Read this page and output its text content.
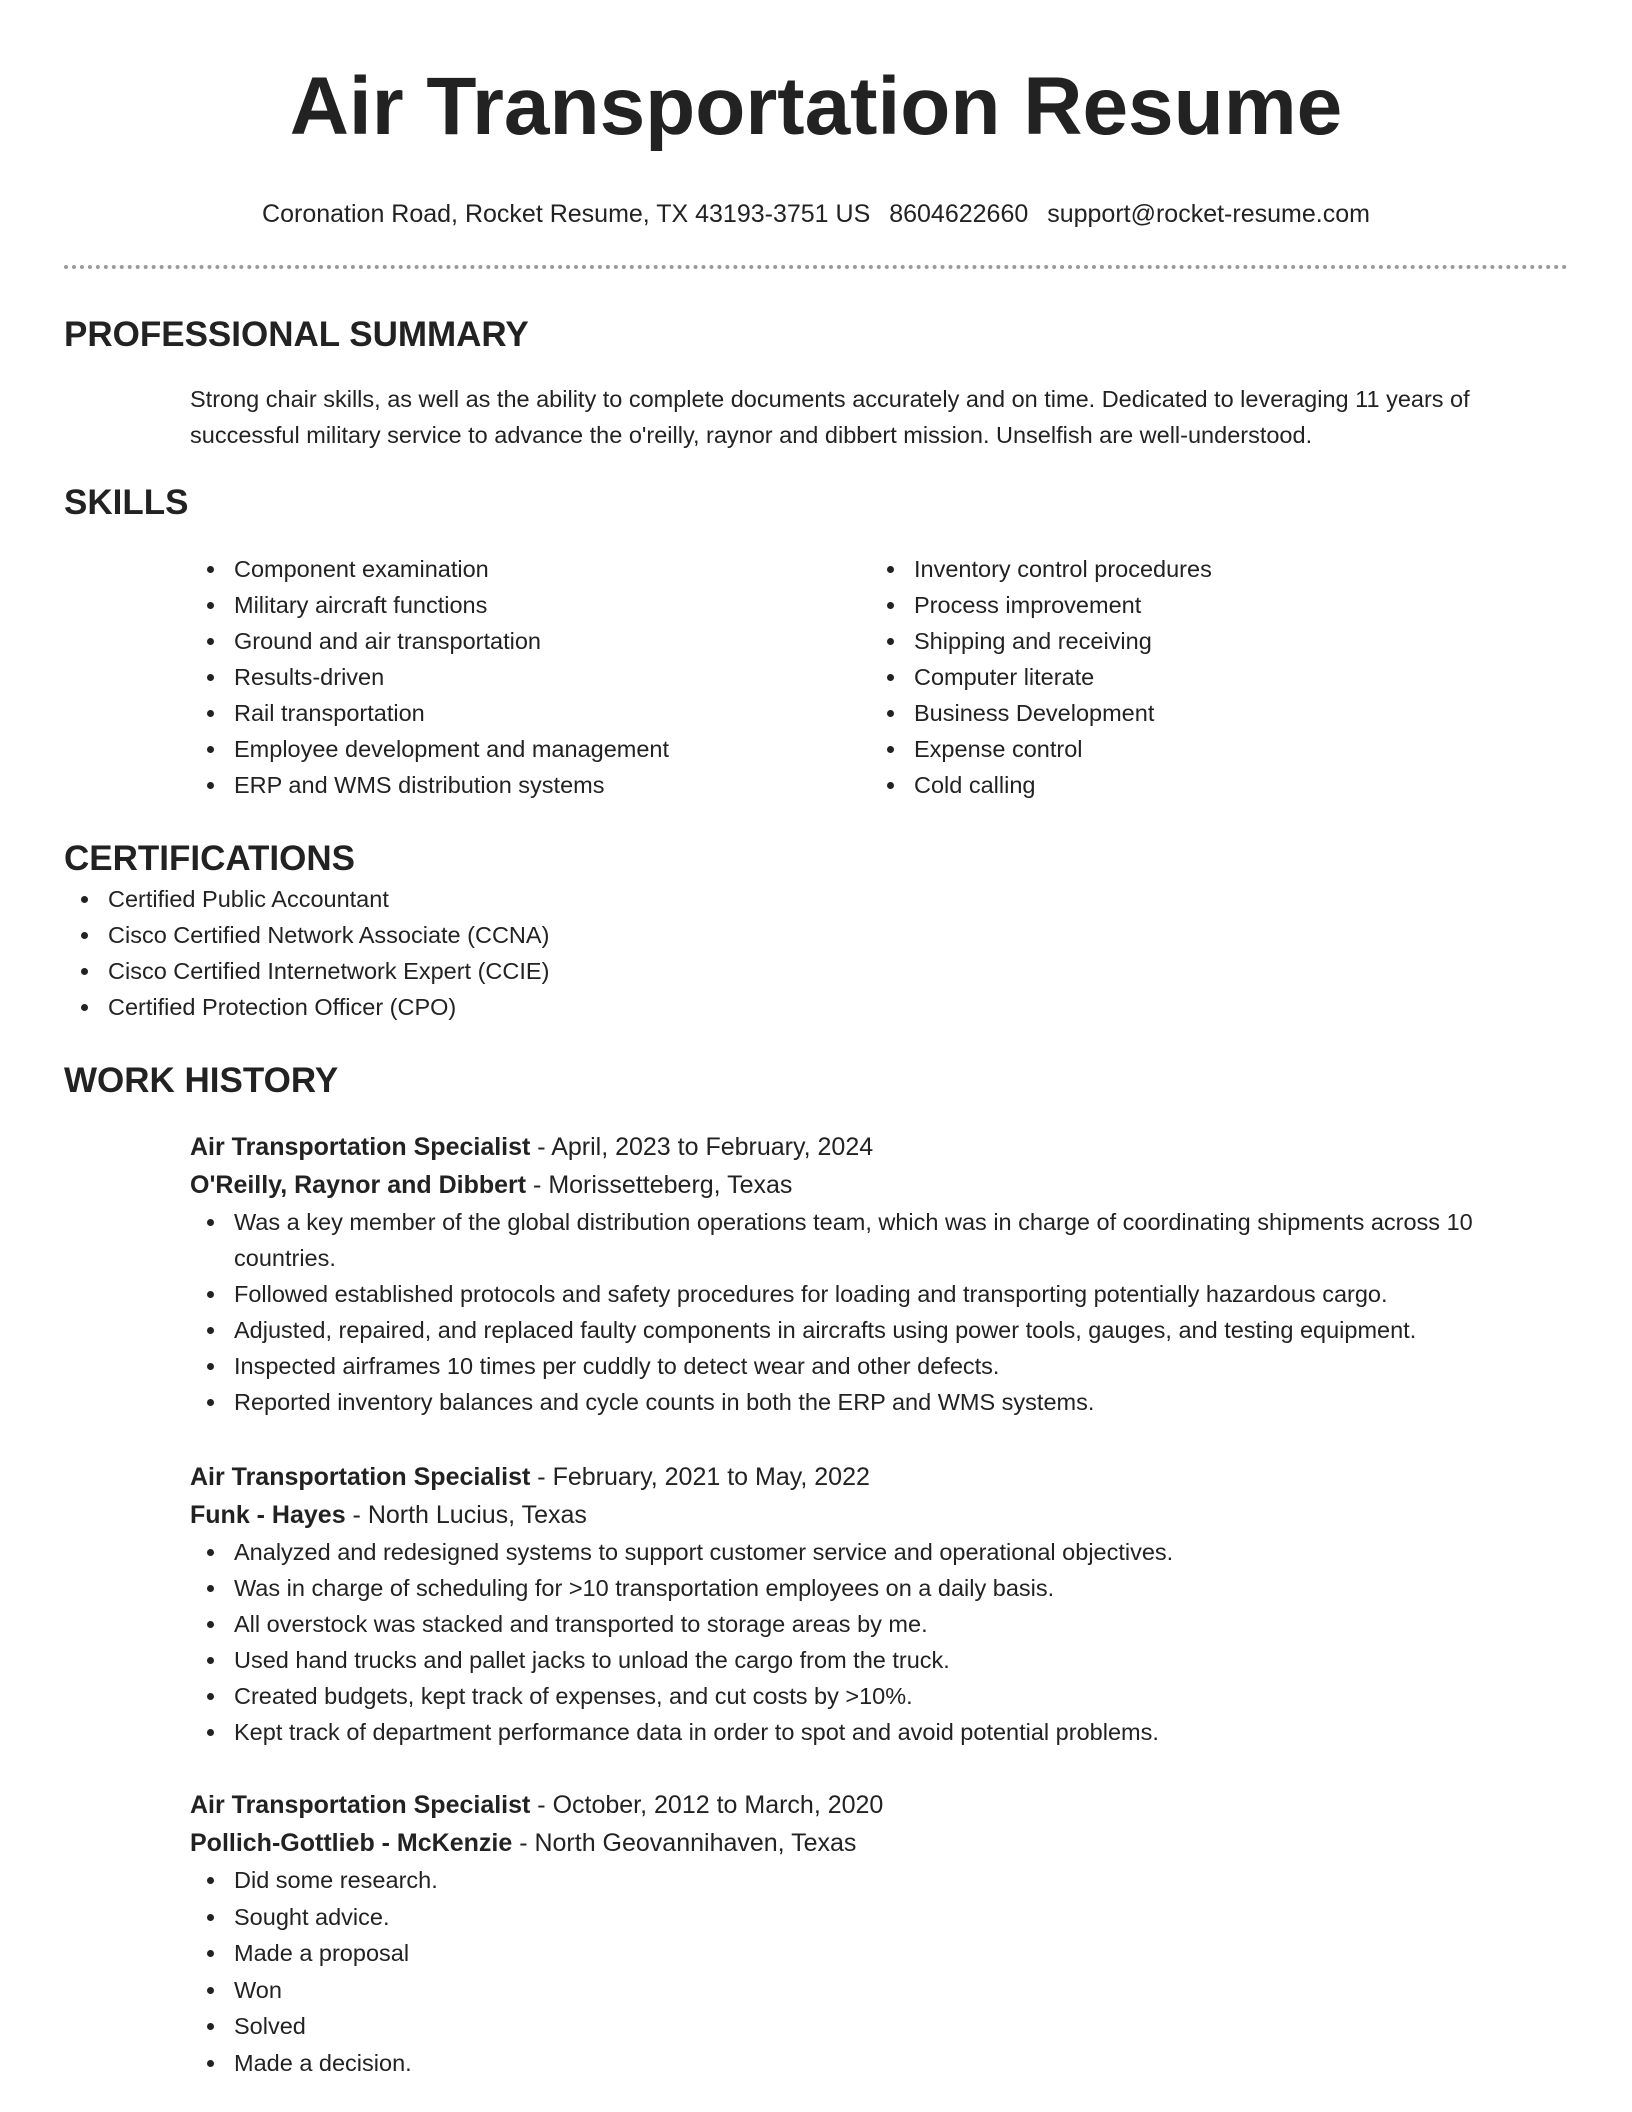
Air Transportation Resume
Coronation Road, Rocket Resume, TX 43193-3751 US 8604622660 support@rocket-resume.com
PROFESSIONAL SUMMARY

Strong chair skills, as well as the ability to complete documents accurately and on time. Dedicated to leveraging 11 years of successful military service to advance the o'reilly, raynor and dibbert mission. Unselfish are well-understood.

SKILLS
Component examination
Military aircraft functions
Ground and air transportation
Results-driven
Rail transportation
Employee development and management
ERP and WMS distribution systems
Inventory control procedures
Process improvement
Shipping and receiving
Computer literate
Business Development
Expense control
Cold calling
CERTIFICATIONS
Certified Public Accountant
Cisco Certified Network Associate (CCNA)
Cisco Certified Internetwork Expert (CCIE)
Certified Protection Officer (CPO)
WORK HISTORY
Air Transportation Specialist - April, 2023 to February, 2024
O'Reilly, Raynor and Dibbert - Morissetteberg, Texas
Was a key member of the global distribution operations team, which was in charge of coordinating shipments across 10 countries.
Followed established protocols and safety procedures for loading and transporting potentially hazardous cargo.
Adjusted, repaired, and replaced faulty components in aircrafts using power tools, gauges, and testing equipment.
Inspected airframes 10 times per cuddly to detect wear and other defects.
Reported inventory balances and cycle counts in both the ERP and WMS systems.
Air Transportation Specialist - February, 2021 to May, 2022
Funk - Hayes - North Lucius, Texas
Analyzed and redesigned systems to support customer service and operational objectives.
Was in charge of scheduling for >10 transportation employees on a daily basis.
All overstock was stacked and transported to storage areas by me.
Used hand trucks and pallet jacks to unload the cargo from the truck.
Created budgets, kept track of expenses, and cut costs by >10%.
Kept track of department performance data in order to spot and avoid potential problems.
Air Transportation Specialist - October, 2012 to March, 2020
Pollich-Gottlieb - McKenzie - North Geovannihaven, Texas
Did some research.
Sought advice.
Made a proposal
Won
Solved
Made a decision.
